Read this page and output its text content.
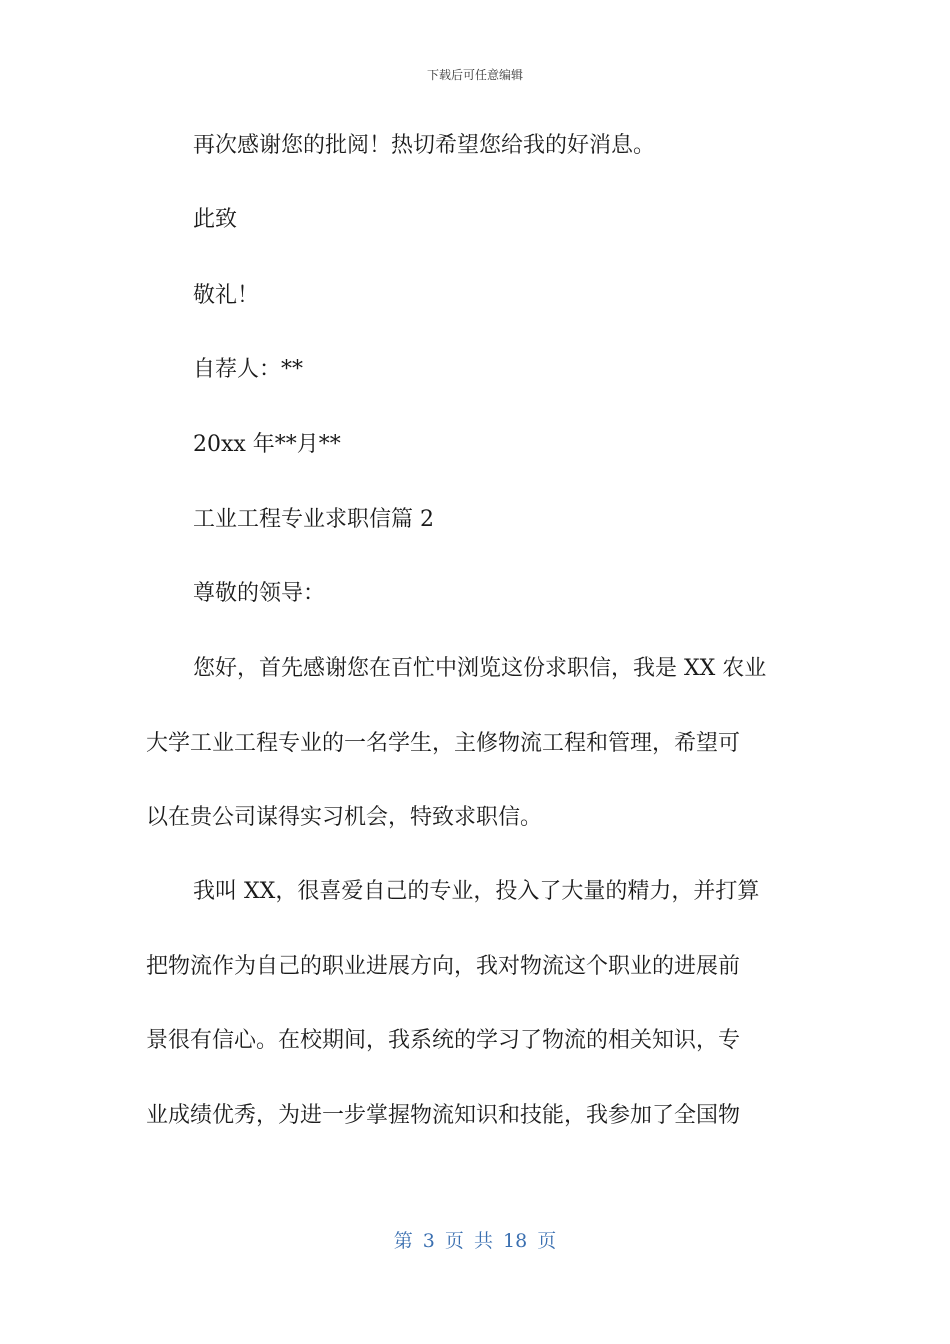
下载后可任意编辑
再次感谢您的批阅！热切希望您给我的好消息。
此致
敬礼！
自荐人：**
20xx 年**月**
工业工程专业求职信篇 2
尊敬的领导：
您好，首先感谢您在百忙中浏览这份求职信，我是 XX 农业
大学工业工程专业的一名学生，主修物流工程和管理，希望可
以在贵公司谋得实习机会，特致求职信。
我叫 XX，很喜爱自己的专业，投入了大量的精力，并打算
把物流作为自己的职业进展方向，我对物流这个职业的进展前
景很有信心。在校期间，我系统的学习了物流的相关知识，专
业成绩优秀，为进一步掌握物流知识和技能，我参加了全国物
第 3 页 共 18 页
